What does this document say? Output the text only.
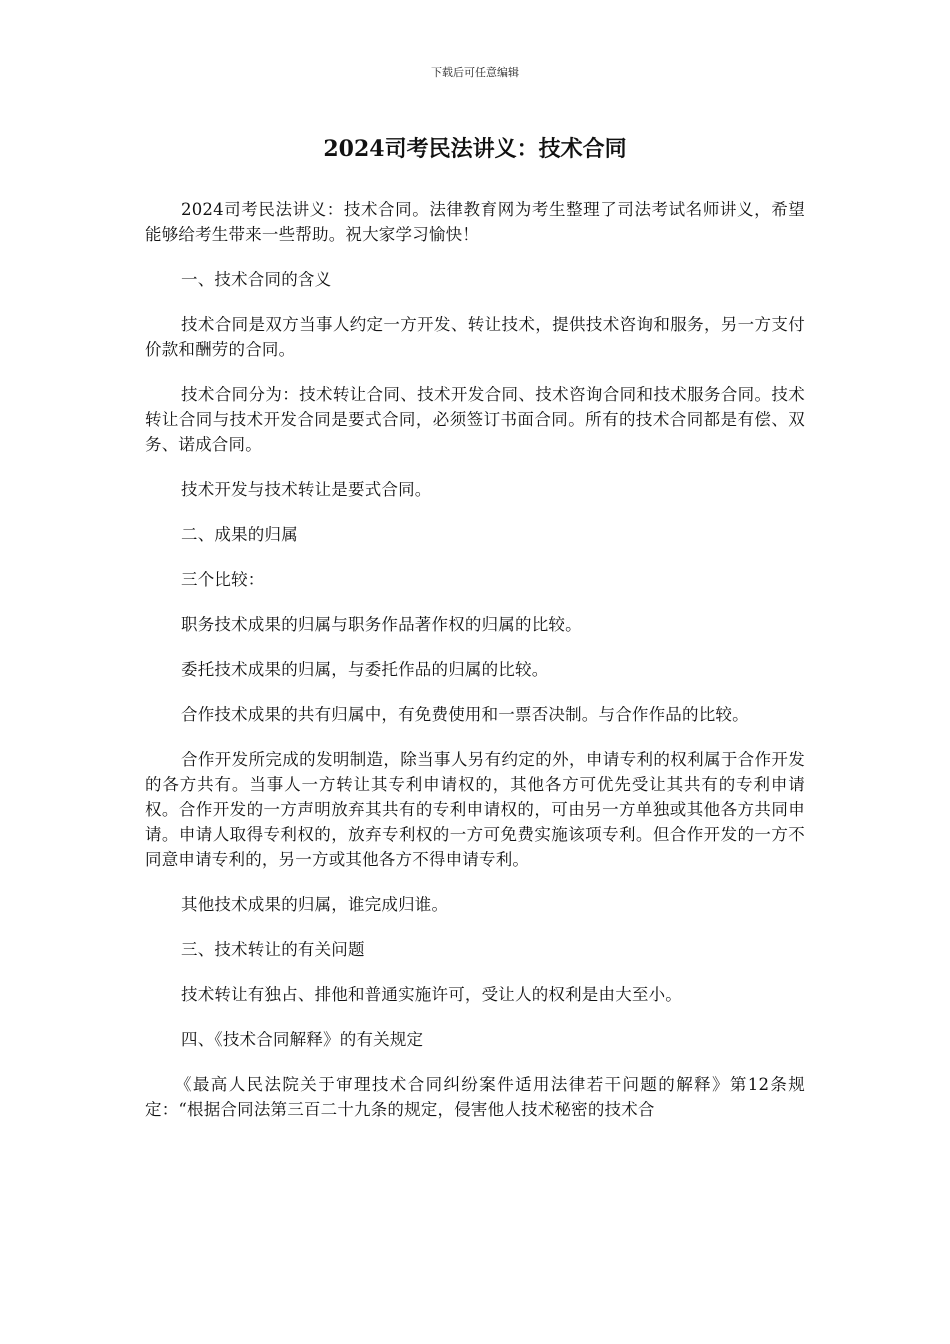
下载后可任意编辑
2024司考民法讲义：技术合同

2024司考民法讲义：技术合同。法律教育网为考生整理了司法考试名师讲义，希望能够给考生带来一些帮助。祝大家学习愉快！

一、技术合同的含义

技术合同是双方当事人约定一方开发、转让技术，提供技术咨询和服务，另一方支付价款和酬劳的合同。

技术合同分为：技术转让合同、技术开发合同、技术咨询合同和技术服务合同。技术转让合同与技术开发合同是要式合同，必须签订书面合同。所有的技术合同都是有偿、双务、诺成合同。

技术开发与技术转让是要式合同。

二、成果的归属

三个比较：

职务技术成果的归属与职务作品著作权的归属的比较。

委托技术成果的归属，与委托作品的归属的比较。

合作技术成果的共有归属中，有免费使用和一票否决制。与合作作品的比较。

合作开发所完成的发明制造，除当事人另有约定的外，申请专利的权利属于合作开发的各方共有。当事人一方转让其专利申请权的，其他各方可优先受让其共有的专利申请权。合作开发的一方声明放弃其共有的专利申请权的，可由另一方单独或其他各方共同申请。申请人取得专利权的，放弃专利权的一方可免费实施该项专利。但合作开发的一方不同意申请专利的，另一方或其他各方不得申请专利。

其他技术成果的归属，谁完成归谁。

三、技术转让的有关问题

技术转让有独占、排他和普通实施许可，受让人的权利是由大至小。

四、《技术合同解释》的有关规定

《最高人民法院关于审理技术合同纠纷案件适用法律若干问题的解释》第12条规定：“根据合同法第三百二十九条的规定，侵害他人技术秘密的技术合
